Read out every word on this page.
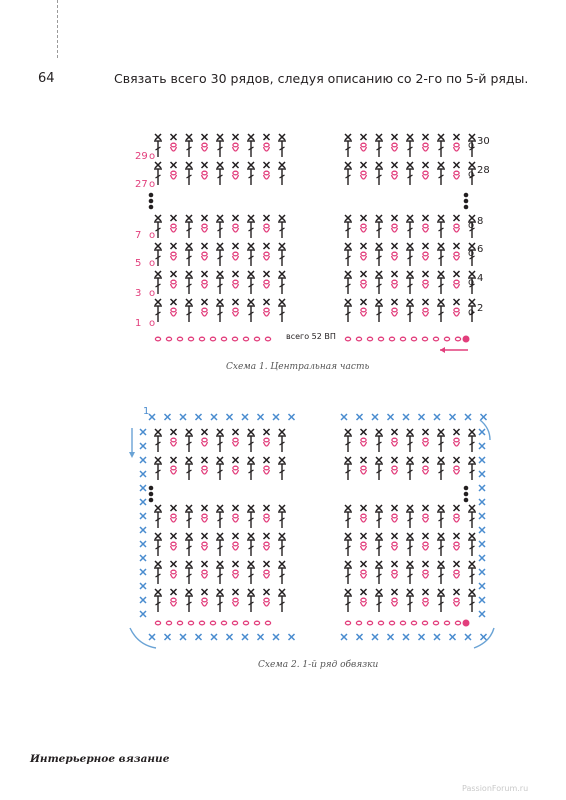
64	Связать всего 30 рядов, следуя описанию со 2-го по 5-й ряды.
29 o
27 o
7 o
5 o
3 o
1 o
o 30
o 28
o 8
o 6
o 4
o 2
всего 52 ВП
Схема 1. Центральная часть
1
Схема 2. 1-й ряд обвязки
Интерьерное вязание
PassionForum.ru
